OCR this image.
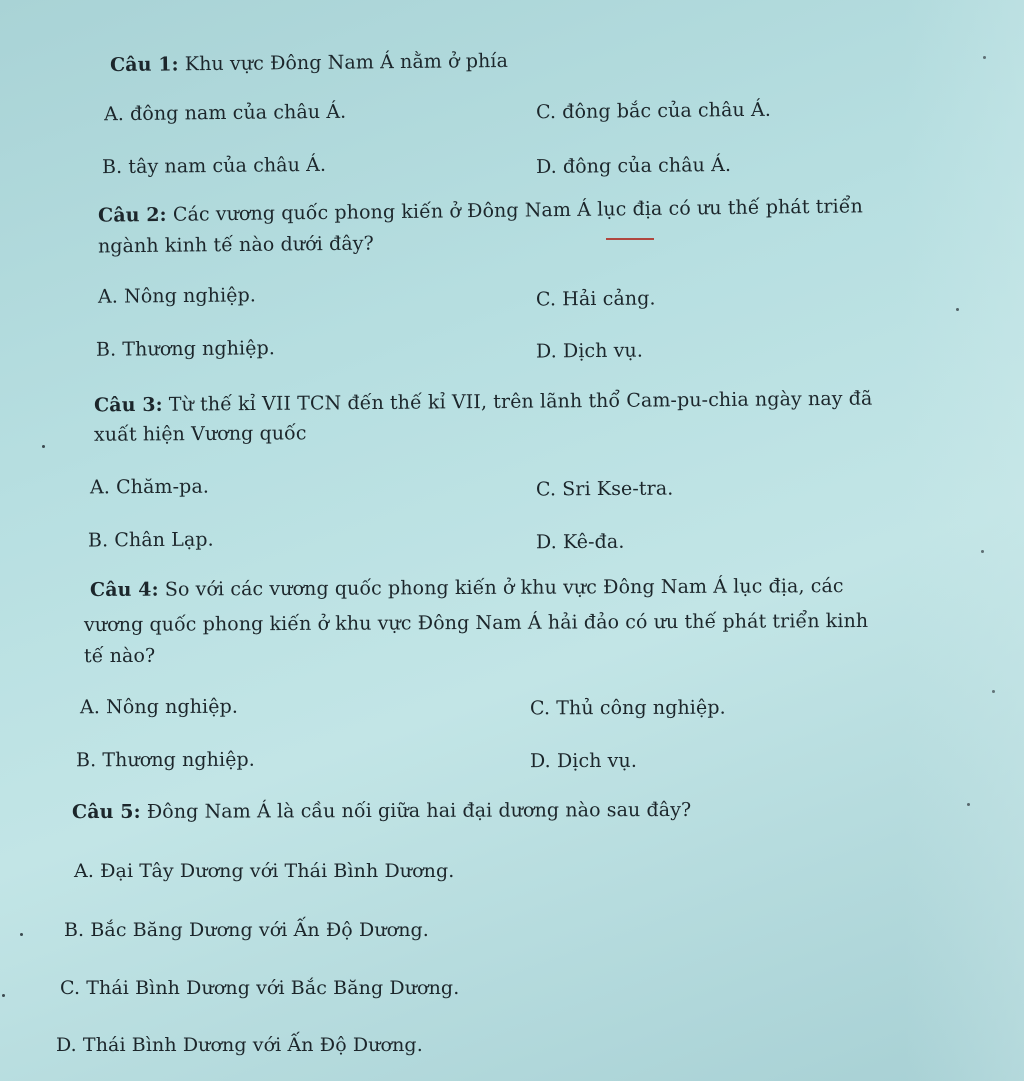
Câu 1: Khu vực Đông Nam Á nằm ở phía
A. đông nam của châu Á.	C. đông bắc của châu Á.
B. tây nam của châu Á.	D. đông của châu Á.
Câu 2: Các vương quốc phong kiến ở Đông Nam Á lục địa có ưu thế phát triển
ngành kinh tế nào dưới đây?
A. Nông nghiệp.	C. Hải cảng.
B. Thương nghiệp.	D. Dịch vụ.
Câu 3: Từ thế kỉ VII TCN đến thế kỉ VII, trên lãnh thổ Cam-pu-chia ngày nay đã
xuất hiện Vương quốc
A. Chăm-pa.	C. Sri Kse-tra.
B. Chân Lạp.	D. Kê-đa.
Câu 4: So với các vương quốc phong kiến ở khu vực Đông Nam Á lục địa, các
vương quốc phong kiến ở khu vực Đông Nam Á hải đảo có ưu thế phát triển kinh
tế nào?
A. Nông nghiệp.	C. Thủ công nghiệp.
B. Thương nghiệp.	D. Dịch vụ.
Câu 5: Đông Nam Á là cầu nối giữa hai đại dương nào sau đây?
A. Đại Tây Dương với Thái Bình Dương.
B. Bắc Băng Dương với Ấn Độ Dương.
C. Thái Bình Dương với Bắc Băng Dương.
D. Thái Bình Dương với Ấn Độ Dương.
